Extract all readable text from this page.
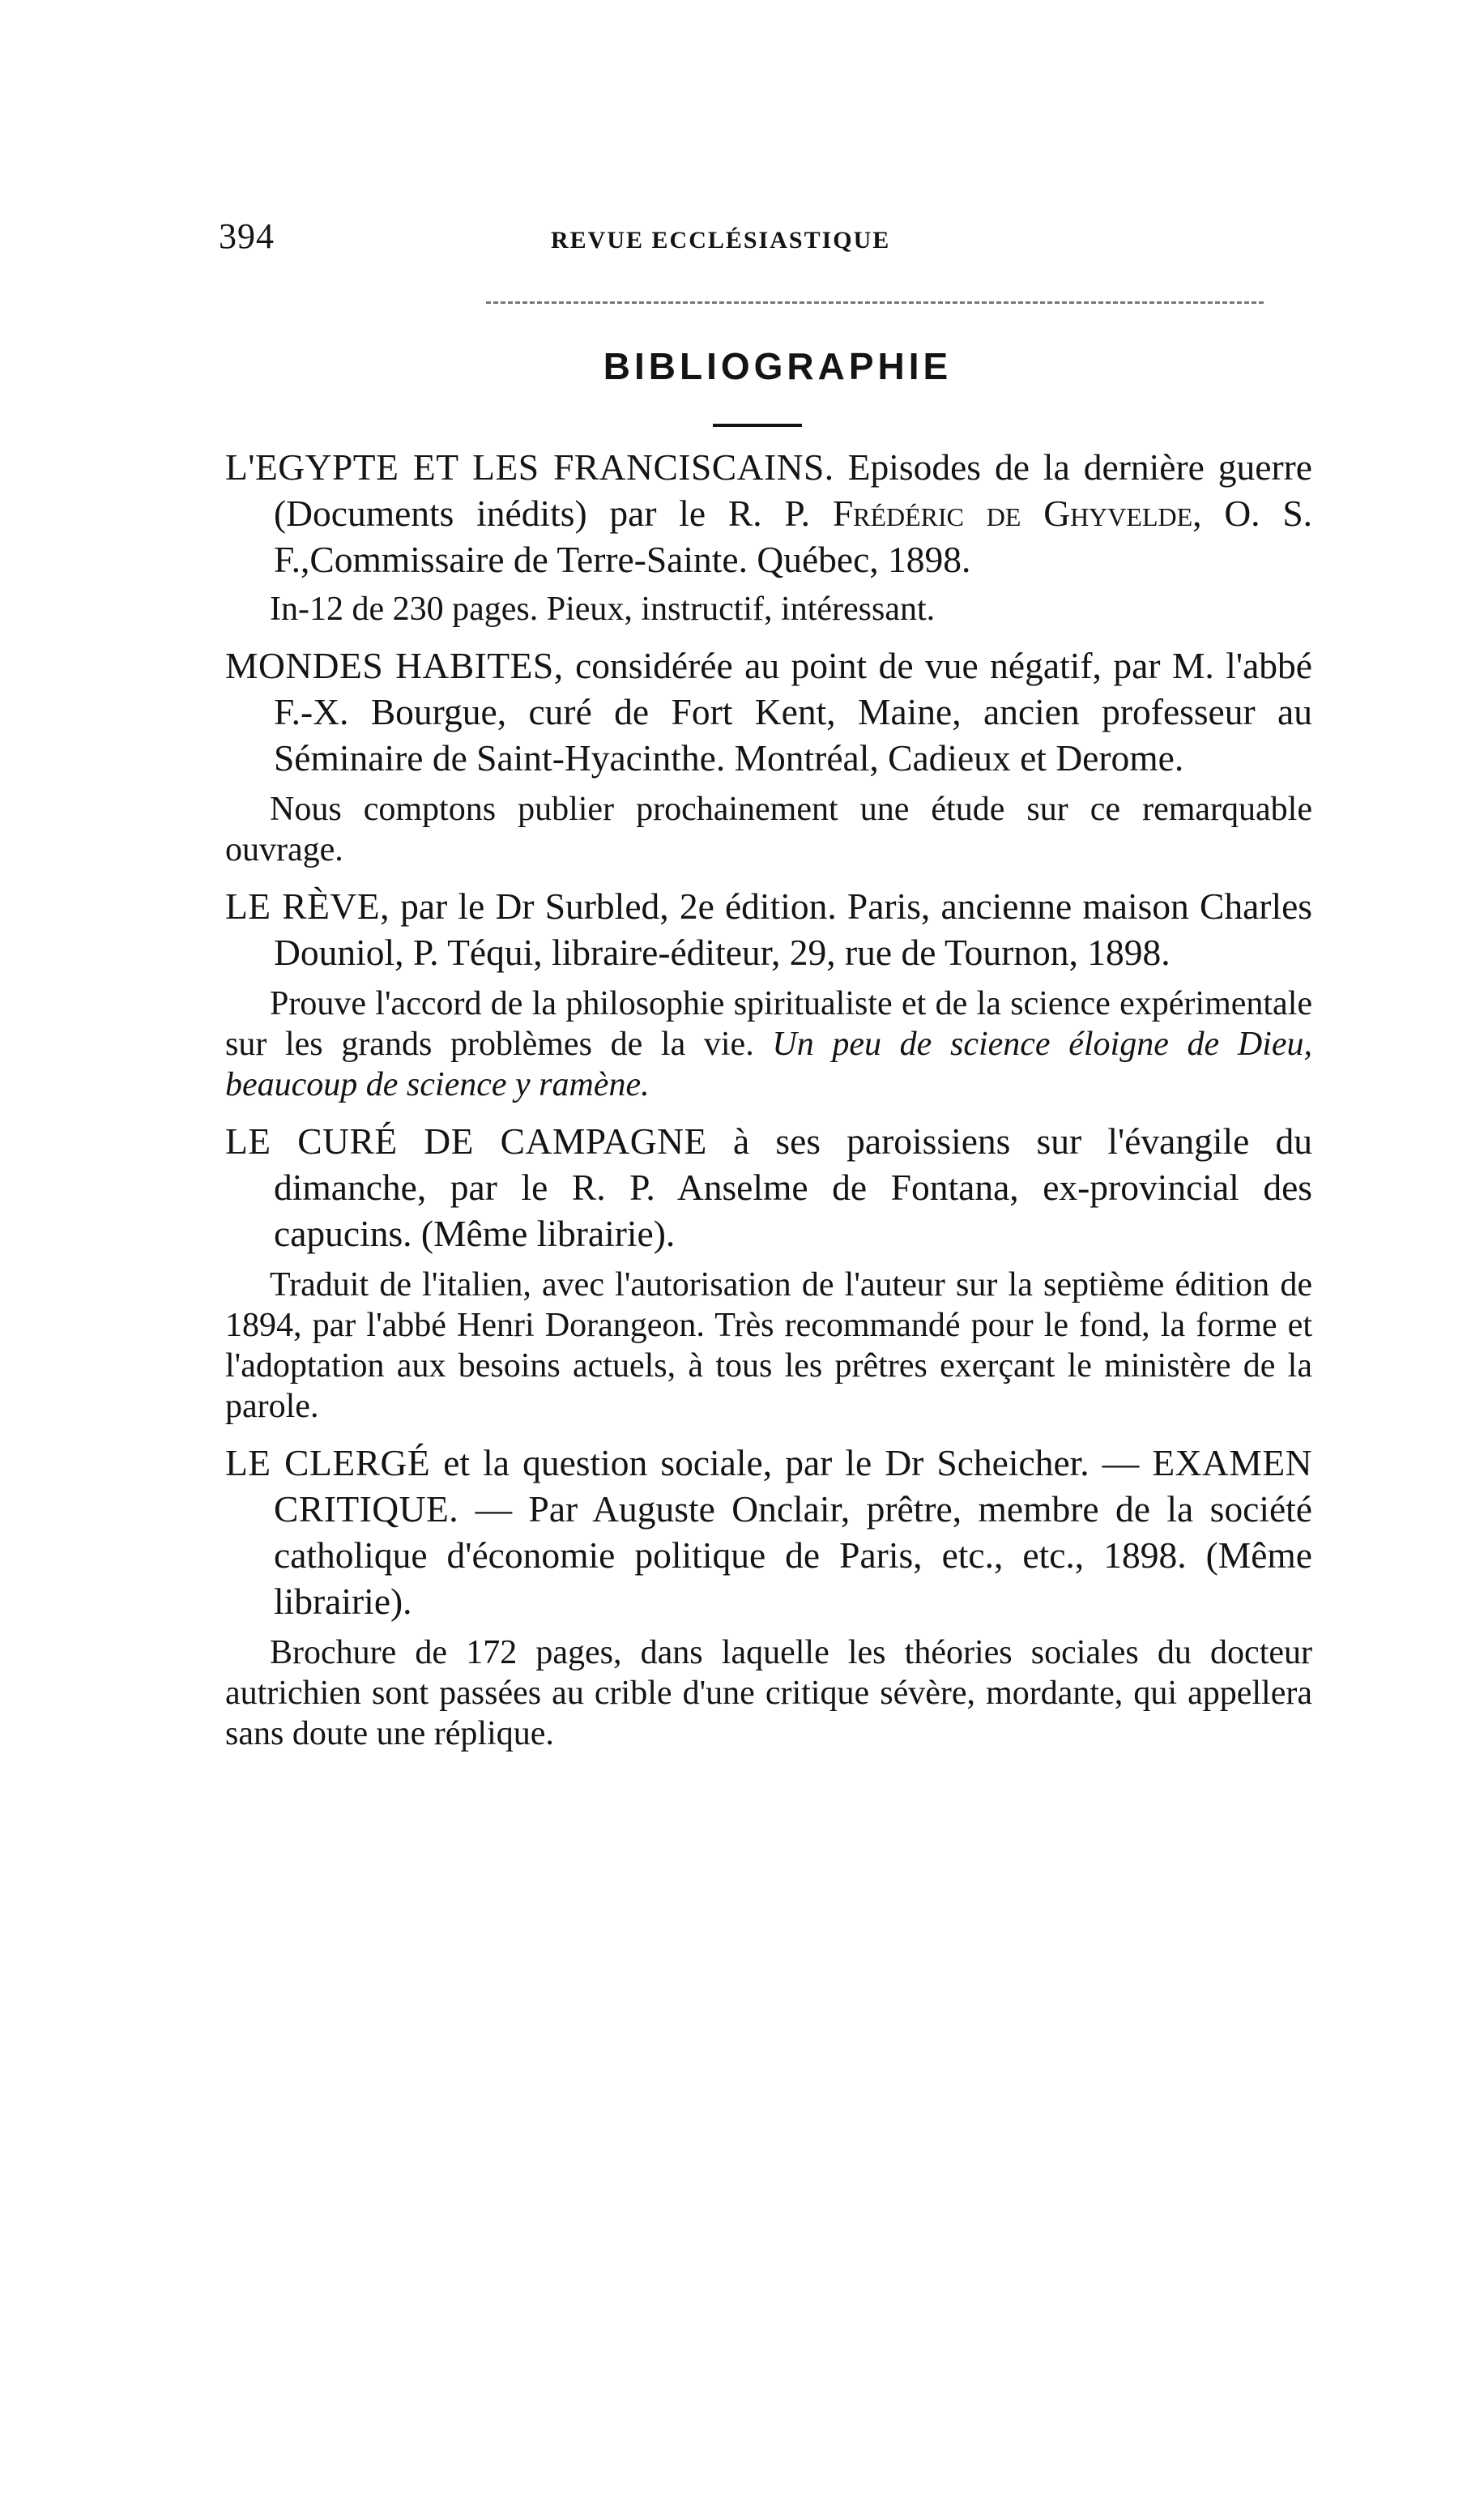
394	REVUE ECCLÉSIASTIQUE
BIBLIOGRAPHIE

L'EGYPTE ET LES FRANCISCAINS. Episodes de la dernière guerre (Documents inédits) par le R. P. Frédéric de Ghyvelde, O. S. F.,Commissaire de Terre-Sainte. Québec, 1898.

In-12 de 230 pages. Pieux, instructif, intéressant.

MONDES HABITES, considérée au point de vue négatif, par M. l'abbé F.-X. Bourgue, curé de Fort Kent, Maine, ancien professeur au Séminaire de Saint-Hyacinthe. Montréal, Cadieux et Derome.

Nous comptons publier prochainement une étude sur ce remarquable ouvrage.

LE RÈVE, par le Dr Surbled, 2e édition. Paris, ancienne maison Charles Douniol, P. Téqui, libraire-éditeur, 29, rue de Tournon, 1898.

Prouve l'accord de la philosophie spiritualiste et de la science expérimentale sur les grands problèmes de la vie. Un peu de science éloigne de Dieu, beaucoup de science y ramène.

LE CURÉ DE CAMPAGNE à ses paroissiens sur l'évangile du dimanche, par le R. P. Anselme de Fontana, ex-provincial des capucins. (Même librairie).

Traduit de l'italien, avec l'autorisation de l'auteur sur la septième édition de 1894, par l'abbé Henri Dorangeon. Très recommandé pour le fond, la forme et l'adoptation aux besoins actuels, à tous les prêtres exerçant le ministère de la parole.

LE CLERGÉ et la question sociale, par le Dr Scheicher. — EXAMEN CRITIQUE. — Par Auguste Onclair, prêtre, membre de la société catholique d'économie politique de Paris, etc., etc., 1898. (Même librairie).

Brochure de 172 pages, dans laquelle les théories sociales du docteur autrichien sont passées au crible d'une critique sévère, mordante, qui appellera sans doute une réplique.
